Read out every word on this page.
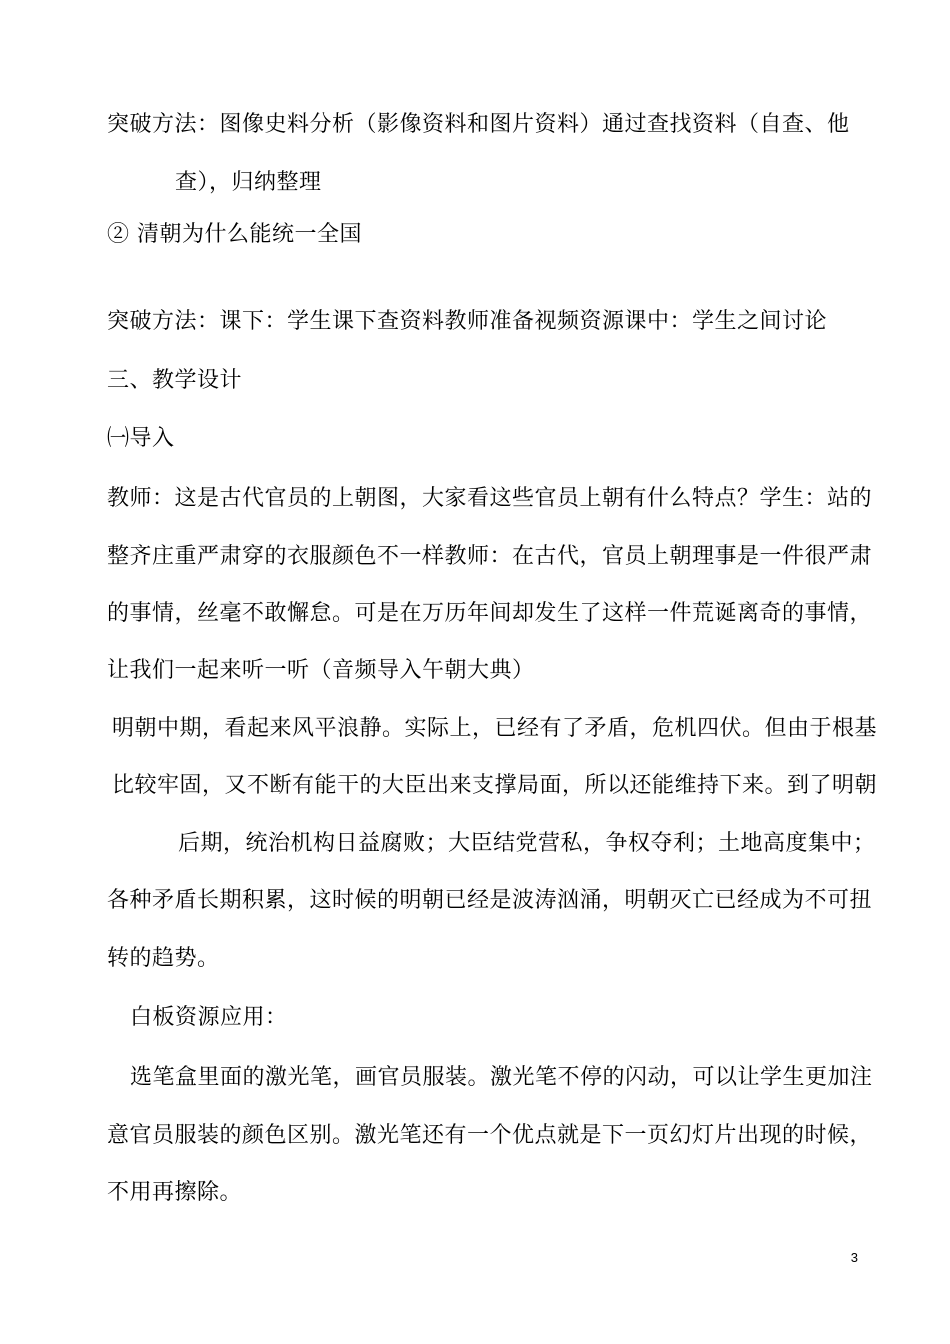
突破方法：图像史料分析（影像资料和图片资料）通过查找资料（自查、他
查），归纳整理
② 清朝为什么能统一全国
突破方法：课下：学生课下查资料教师准备视频资源课中：学生之间讨论
三、教学设计
㈠导入
教师：这是古代官员的上朝图，大家看这些官员上朝有什么特点？学生：站的
整齐庄重严肃穿的衣服颜色不一样教师：在古代，官员上朝理事是一件很严肃
的事情，丝毫不敢懈怠。可是在万历年间却发生了这样一件荒诞离奇的事情，
让我们一起来听一听（音频导入午朝大典）
明朝中期，看起来风平浪静。实际上，已经有了矛盾，危机四伏。但由于根基
比较牢固，又不断有能干的大臣出来支撑局面，所以还能维持下来。到了明朝
后期，统治机构日益腐败；大臣结党营私，争权夺利；土地高度集中；
各种矛盾长期积累，这时候的明朝已经是波涛汹涌，明朝灭亡已经成为不可扭
转的趋势。
白板资源应用：
选笔盒里面的激光笔，画官员服装。激光笔不停的闪动，可以让学生更加注
意官员服装的颜色区别。激光笔还有一个优点就是下一页幻灯片出现的时候，
不用再擦除。
3
